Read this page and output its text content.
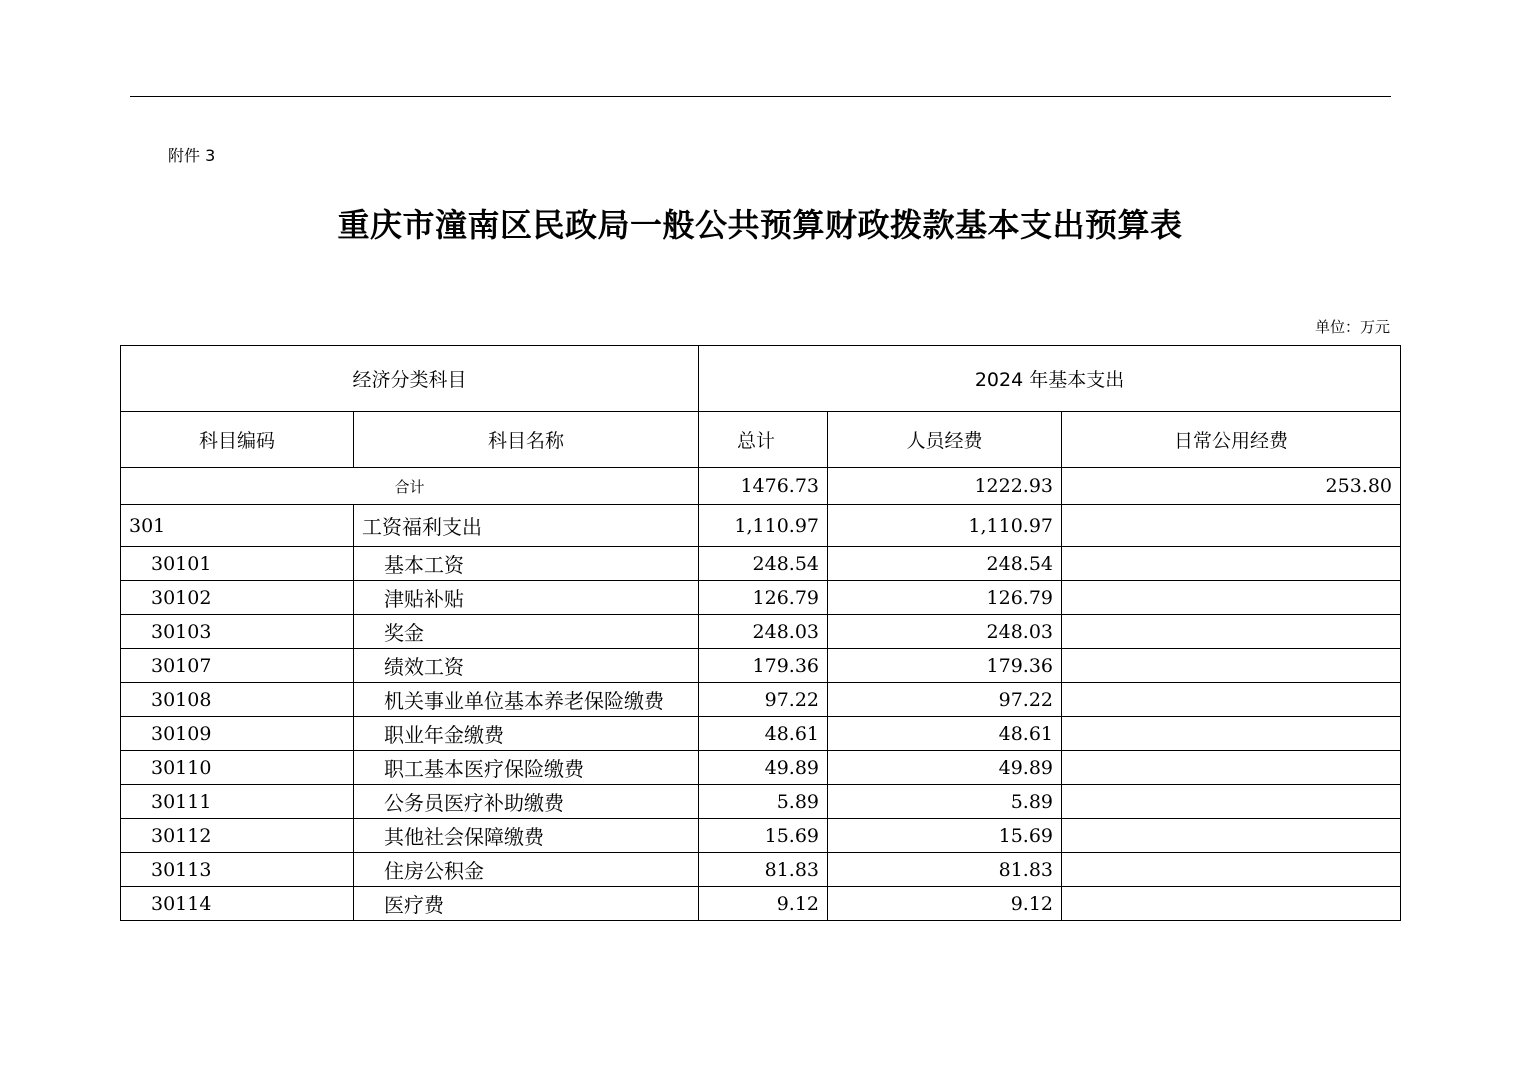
附件 3
重庆市潼南区民政局一般公共预算财政拨款基本支出预算表
单位：万元
经济分类科目		2024 年基本支出		
科目编码	科目名称	总计	人员经费	日常公用经费
合计		1476.73	1222.93	253.80
301	工资福利支出	1,110.97	1,110.97	
30101	基本工资	248.54	248.54	
30102	津贴补贴	126.79	126.79	
30103	奖金	248.03	248.03	
30107	绩效工资	179.36	179.36	
30108	机关事业单位基本养老保险缴费	97.22	97.22	
30109	职业年金缴费	48.61	48.61	
30110	职工基本医疗保险缴费	49.89	49.89	
30111	公务员医疗补助缴费	5.89	5.89	
30112	其他社会保障缴费	15.69	15.69	
30113	住房公积金	81.83	81.83	
30114	医疗费	9.12	9.12	
